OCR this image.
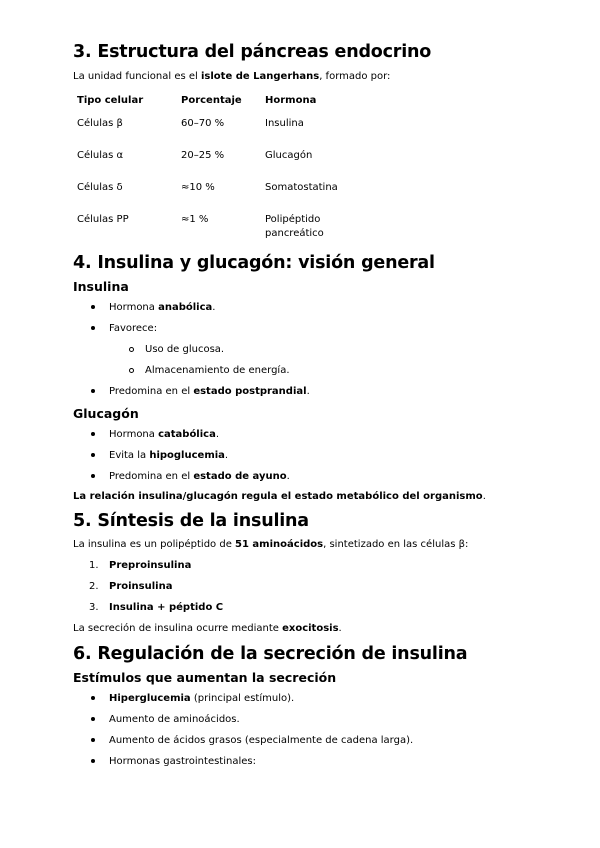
3. Estructura del páncreas endocrino

La unidad funcional es el islote de Langerhans, formado por:

Tipo celular	Porcentaje	Hormona
Células β	60–70 %	Insulina
Células α	20–25 %	Glucagón
Células δ	≈10 %	Somatostatina
Células PP	≈1 %	Polipéptido pancreático
4. Insulina y glucagón: visión general
Insulina
Hormona anabólica.
Favorece:
Uso de glucosa.
Almacenamiento de energía.
Predomina en el estado postprandial.
Glucagón
Hormona catabólica.
Evita la hipoglucemia.
Predomina en el estado de ayuno.

La relación insulina/glucagón regula el estado metabólico del organismo.

5. Síntesis de la insulina

La insulina es un polipéptido de 51 aminoácidos, sintetizado en las células β:

1. Preproinsulina
2. Proinsulina
3. Insulina + péptido C

La secreción de insulina ocurre mediante exocitosis.

6. Regulación de la secreción de insulina
Estímulos que aumentan la secreción
Hiperglucemia (principal estímulo).
Aumento de aminoácidos.
Aumento de ácidos grasos (especialmente de cadena larga).
Hormonas gastrointestinales:
